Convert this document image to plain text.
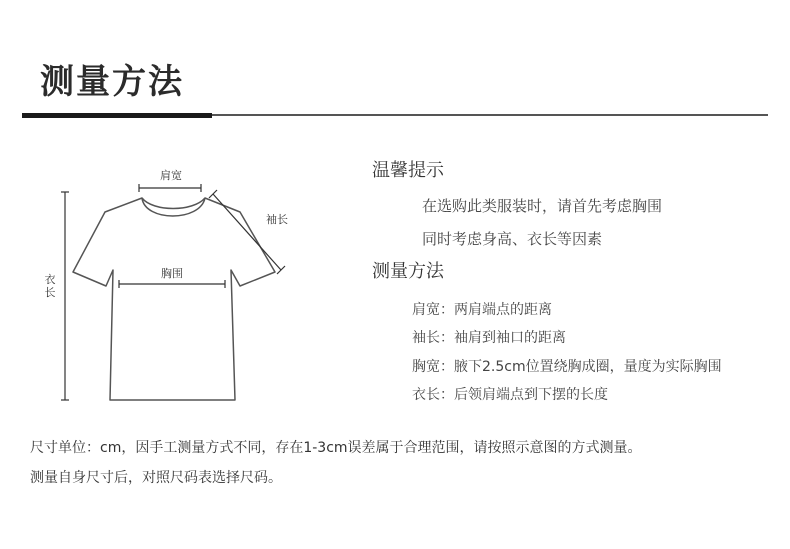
测量方法
肩宽
袖长
胸围
衣
长
温馨提示
在选购此类服装时，请首先考虑胸围
同时考虑身高、衣长等因素
测量方法
肩宽：两肩端点的距离
袖长：袖肩到袖口的距离
胸宽：腋下2.5cm位置绕胸成圈，量度为实际胸围
衣长：后领肩端点到下摆的长度
尺寸单位：cm，因手工测量方式不同，存在1-3cm误差属于合理范围，请按照示意图的方式测量。
测量自身尺寸后，对照尺码表选择尺码。
